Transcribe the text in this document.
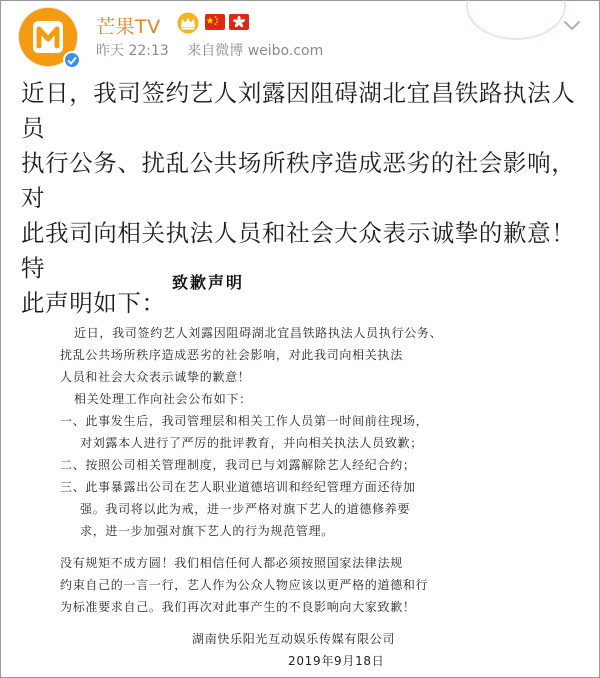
芒果TV
昨天 22:13 来自微博 weibo.com
近日，我司签约艺人刘露因阻碍湖北宜昌铁路执法人员
执行公务、扰乱公共场所秩序造成恶劣的社会影响，对
此我司向相关执法人员和社会大众表示诚挚的歉意！特
此声明如下：
致歉声明
近日，我司签约艺人刘露因阻碍湖北宜昌铁路执法人员执行公务、
扰乱公共场所秩序造成恶劣的社会影响，对此我司向相关执法
人员和社会大众表示诚挚的歉意！
相关处理工作向社会公布如下：
一、此事发生后，我司管理层和相关工作人员第一时间前往现场，
对刘露本人进行了严厉的批评教育，并向相关执法人员致歉；
二、按照公司相关管理制度，我司已与刘露解除艺人经纪合约；
三、此事暴露出公司在艺人职业道德培训和经纪管理方面还待加
强。我司将以此为戒，进一步严格对旗下艺人的道德修养要
求，进一步加强对旗下艺人的行为规范管理。
没有规矩不成方圆！我们相信任何人都必须按照国家法律法规
约束自己的一言一行，艺人作为公众人物应该以更严格的道德和行
为标准要求自己。我们再次对此事产生的不良影响向大家致歉！
湖南快乐阳光互动娱乐传媒有限公司
2019年9月18日
